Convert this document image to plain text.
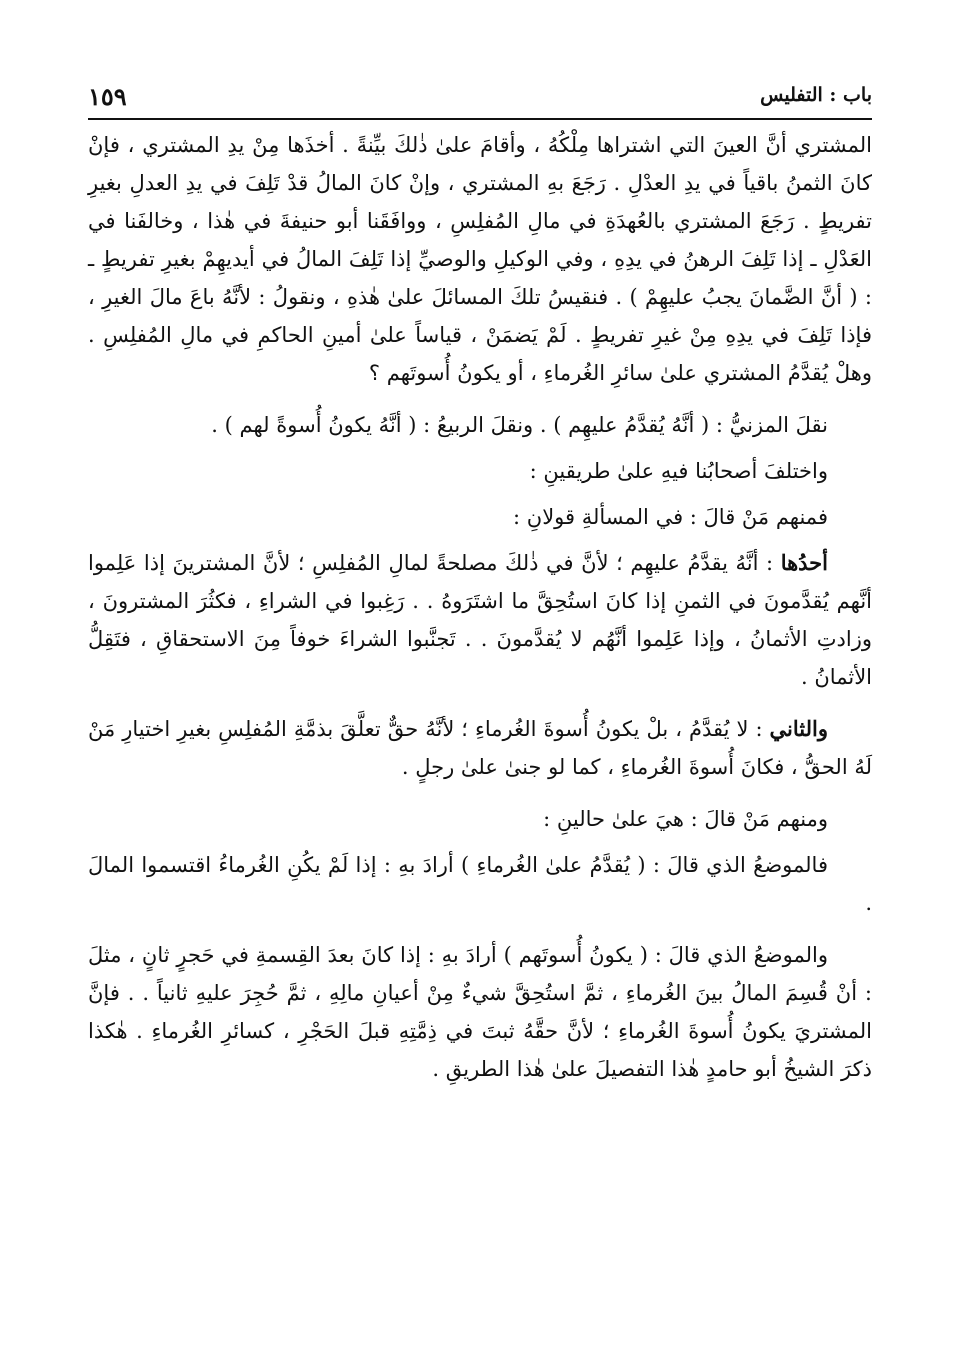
باب : التفليس
١٥٩

المشتري أنَّ العينَ التي اشتراها مِلْكُهُ ، وأقامَ علىٰ ذٰلكَ بيِّنةً . أخذَها مِنْ يدِ المشتري ، فإنْ كانَ الثمنُ باقياً في يدِ العدْلِ . رَجَعَ بهِ المشتري ، وإنْ كانَ المالُ قدْ تَلِفَ في يدِ العدلِ بغيرِ تفريطٍ . رَجَعَ المشتري بالعُهدَةِ في مالِ المُفلِسِ ، ووافَقَنا أبو حنيفةَ في هٰذا ، وخالفَنا في العَدْلِ ـ إذا تَلِفَ الرهنُ في يدِهِ ، وفي الوكيلِ والوصيِّ إذا تَلِفَ المالُ في أيديهِمْ بغيرِ تفريطٍ ـ : ( أنَّ الضَّمانَ يجبُ عليهِمْ ) . فنقيسُ تلكَ المسائلَ علىٰ هٰذهِ ، ونقولُ : لأنَّهُ باعَ مالَ الغيرِ ، فإذا تَلِفَ في يدِهِ مِنْ غيرِ تفريطٍ . لَمْ يَضمَنْ ، قياساً علىٰ أمينِ الحاكمِ في مالِ المُفلِسِ . وهلْ يُقدَّمُ المشتري علىٰ سائرِ الغُرماءِ ، أو يكونُ أُسوتَهم ؟

نقلَ المزنيُّ : ( أنَّهُ يُقدَّمُ عليهِم ) . ونقلَ الربيعُ : ( أنَّهُ يكونُ أُسوةً لهم ) .

واختلفَ أصحابُنا فيهِ علىٰ طريقينِ :

فمنهم مَنْ قالَ : في المسألةِ قولانِ :

أحدُها : أنَّهُ يقدَّمُ عليهِم ؛ لأنَّ في ذٰلكَ مصلحةً لمالِ المُفلِسِ ؛ لأنَّ المشترينَ إذا عَلِموا أنَّهم يُقدَّمونَ في الثمنِ إذا كانَ استُحِقَّ ما اشتَرَوهُ . . رَغِبوا في الشراءِ ، فكثُرَ المشترونَ ، وزادتِ الأثمانُ ، وإذا عَلِموا أنَّهُم لا يُقدَّمونَ . . تَجنَّبوا الشراءَ خوفاً مِنَ الاستحقاقِ ، فتَقِلُّ الأثمانُ .

والثاني : لا يُقدَّمُ ، بلْ يكونُ أُسوةَ الغُرماءِ ؛ لأنَّهُ حقٌّ تعلَّقَ بذمَّةِ المُفلِسِ بغيرِ اختيارِ مَنْ لَهُ الحقُّ ، فكانَ أُسوةَ الغُرماءِ ، كما لو جنىٰ علىٰ رجلٍ .

ومنهم مَنْ قالَ : هيَ علىٰ حالينِ :

فالموضعُ الذي قالَ : ( يُقدَّمُ علىٰ الغُرماءِ ) أرادَ بهِ : إذا لَمْ يكُنِ الغُرماءُ اقتسموا المالَ .

والموضعُ الذي قالَ : ( يكونُ أُسوتَهم ) أرادَ بهِ : إذا كانَ بعدَ القِسمةِ في حَجرٍ ثانٍ ، مثلَ : أنْ قُسِمَ المالُ بينَ الغُرماءِ ، ثمَّ استُحِقَّ شيءٌ مِنْ أعيانِ مالِهِ ، ثمَّ حُجِرَ عليهِ ثانياً . . فإنَّ المشتريَ يكونُ أُسوةَ الغُرماءِ ؛ لأنَّ حقَّهُ ثبتَ في ذِمَّتِهِ قبلَ الحَجْرِ ، كسائرِ الغُرماءِ . هٰكذا ذكرَ الشيخُ أبو حامدٍ هٰذا التفصيلَ علىٰ هٰذا الطريقِ .
